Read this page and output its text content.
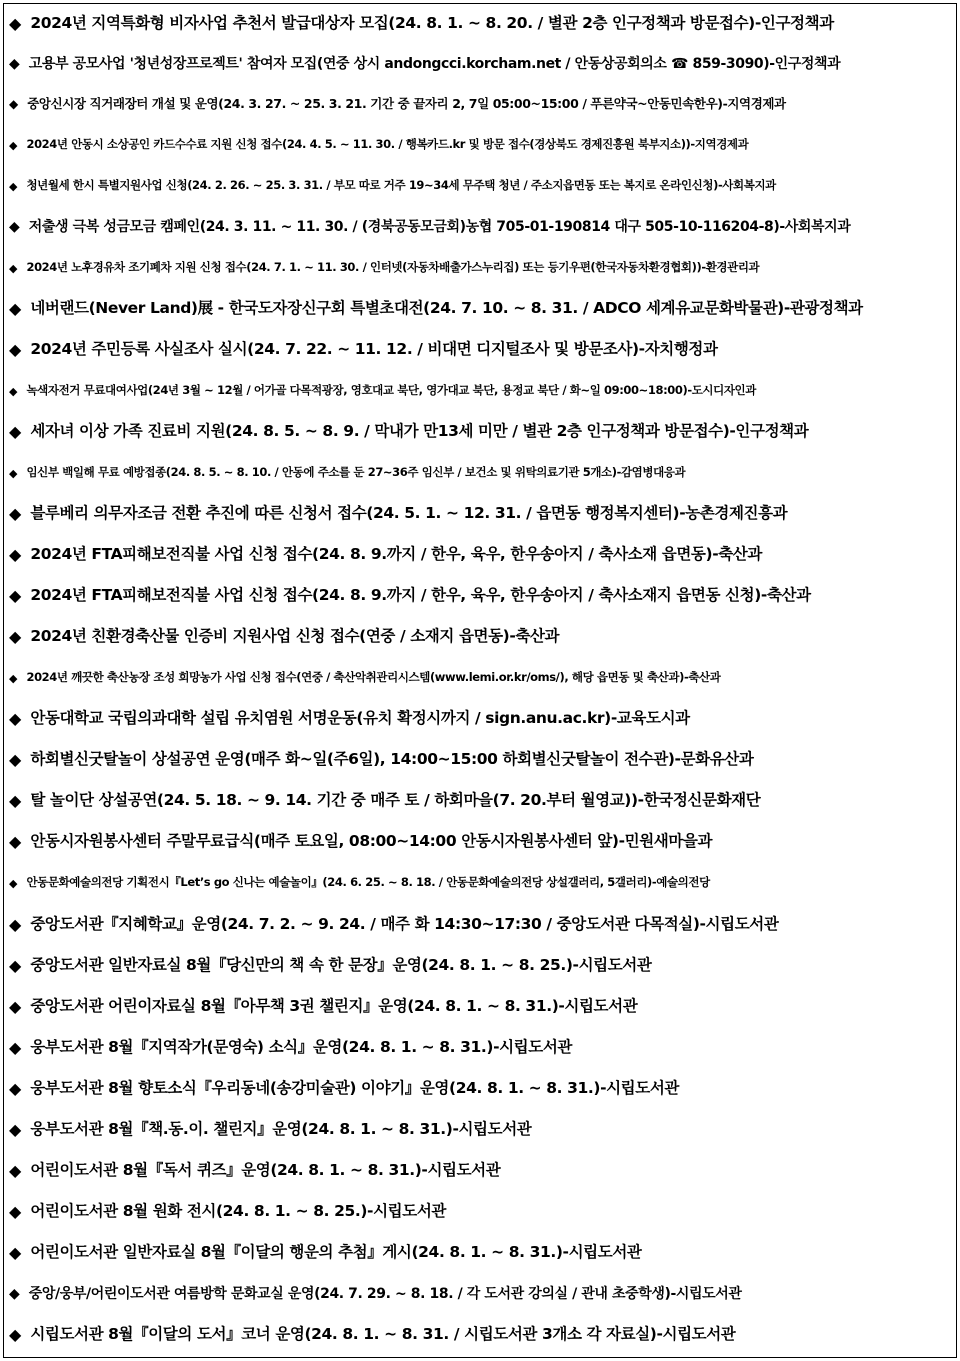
◆ 2024년 지역특화형 비자사업 추천서 발급대상자 모집(24. 8. 1. ~ 8. 20. / 별관 2층 인구정책과 방문접수)-인구정책과
◆ 고용부 공모사업 '청년성장프로젝트' 참여자 모집(연중 상시 andongcci.korcham.net / 안동상공회의소 ☎ 859-3090)-인구정책과
◆ 중앙신시장 직거래장터 개설 및 운영(24. 3. 27. ~ 25. 3. 21. 기간 중 끝자리 2, 7일 05:00~15:00 / 푸른약국~안동민속한우)-지역경제과
◆ 2024년 안동시 소상공인 카드수수료 지원 신청 접수(24. 4. 5. ~ 11. 30. / 행복카드.kr 및 방문 접수(경상북도 경제진흥원 북부지소))-지역경제과
◆ 청년월세 한시 특별지원사업 신청(24. 2. 26. ~ 25. 3. 31. / 부모 따로 거주 19~34세 무주택 청년 / 주소지읍면동 또는 복지로 온라인신청)-사회복지과
◆ 저출생 극복 성금모금 캠페인(24. 3. 11. ~ 11. 30. / (경북공동모금회)농협 705-01-190814 대구 505-10-116204-8)-사회복지과
◆ 2024년 노후경유차 조기폐차 지원 신청 접수(24. 7. 1. ~ 11. 30. / 인터넷(자동차배출가스누리집) 또는 등기우편(한국자동차환경협회))-환경관리과
◆ 네버랜드(Never Land)展 - 한국도자장신구회 특별초대전(24. 7. 10. ~ 8. 31. / ADCO 세계유교문화박물관)-관광정책과
◆ 2024년 주민등록 사실조사 실시(24. 7. 22. ~ 11. 12. / 비대면 디지털조사 및 방문조사)-자치행정과
◆ 녹색자전거 무료대여사업(24년 3월 ~ 12월 / 어가골 다목적광장, 영호대교 북단, 영가대교 북단, 용정교 북단 / 화~일 09:00~18:00)-도시디자인과
◆ 세자녀 이상 가족 진료비 지원(24. 8. 5. ~ 8. 9. / 막내가 만13세 미만 / 별관 2층 인구정책과 방문접수)-인구정책과
◆ 임신부 백일해 무료 예방접종(24. 8. 5. ~ 8. 10. / 안동에 주소를 둔 27~36주 임신부 / 보건소 및 위탁의료기관 5개소)-감염병대응과
◆ 블루베리 의무자조금 전환 추진에 따른 신청서 접수(24. 5. 1. ~ 12. 31. / 읍면동 행정복지센터)-농촌경제진흥과
◆ 2024년 FTA피해보전직불 사업 신청 접수(24. 8. 9.까지 / 한우, 육우, 한우송아지 / 축사소재 읍면동)-축산과
◆ 2024년 FTA피해보전직불 사업 신청 접수(24. 8. 9.까지 / 한우, 육우, 한우송아지 / 축사소재지 읍면동 신청)-축산과
◆ 2024년 친환경축산물 인증비 지원사업 신청 접수(연중 / 소재지 읍면동)-축산과
◆ 2024년 깨끗한 축산농장 조성 희망농가 사업 신청 접수(연중 / 축산악취관리시스템(www.lemi.or.kr/oms/), 해당 읍면동 및 축산과)-축산과
◆ 안동대학교 국립의과대학 설립 유치염원 서명운동(유치 확정시까지 / sign.anu.ac.kr)-교육도시과
◆ 하회별신굿탈놀이 상설공연 운영(매주 화~일(주6일), 14:00~15:00 하회별신굿탈놀이 전수관)-문화유산과
◆ 탈 놀이단 상설공연(24. 5. 18. ~ 9. 14. 기간 중 매주 토 / 하회마을(7. 20.부터 월영교))-한국정신문화재단
◆ 안동시자원봉사센터 주말무료급식(매주 토요일, 08:00~14:00 안동시자원봉사센터 앞)-민원새마을과
◆ 안동문화예술의전당 기획전시『Let’s go 신나는 예술놀이』(24. 6. 25. ~ 8. 18. / 안동문화예술의전당 상설갤러리, 5갤러리)-예술의전당
◆ 중앙도서관『지혜학교』운영(24. 7. 2. ~ 9. 24. / 매주 화 14:30~17:30 / 중앙도서관 다목적실)-시립도서관
◆ 중앙도서관 일반자료실 8월『당신만의 책 속 한 문장』운영(24. 8. 1. ~ 8. 25.)-시립도서관
◆ 중앙도서관 어린이자료실 8월『아무책 3권 챌린지』운영(24. 8. 1. ~ 8. 31.)-시립도서관
◆ 웅부도서관 8월『지역작가(문영숙) 소식』운영(24. 8. 1. ~ 8. 31.)-시립도서관
◆ 웅부도서관 8월 향토소식『우리동네(송강미술관) 이야기』운영(24. 8. 1. ~ 8. 31.)-시립도서관
◆ 웅부도서관 8월『책.동.이. 챌린지』운영(24. 8. 1. ~ 8. 31.)-시립도서관
◆ 어린이도서관 8월『독서 퀴즈』운영(24. 8. 1. ~ 8. 31.)-시립도서관
◆ 어린이도서관 8월 원화 전시(24. 8. 1. ~ 8. 25.)-시립도서관
◆ 어린이도서관 일반자료실 8월『이달의 행운의 추첨』게시(24. 8. 1. ~ 8. 31.)-시립도서관
◆ 중앙/웅부/어린이도서관 여름방학 문화교실 운영(24. 7. 29. ~ 8. 18. / 각 도서관 강의실 / 관내 초중학생)-시립도서관
◆ 시립도서관 8월『이달의 도서』코너 운영(24. 8. 1. ~ 8. 31. / 시립도서관 3개소 각 자료실)-시립도서관
